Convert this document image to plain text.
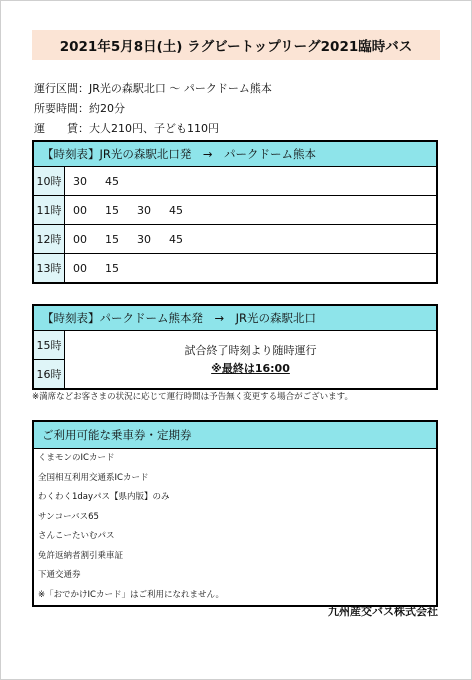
2021年5月8日(土) ラグビートップリーグ2021臨時バス
運行区間：JR光の森駅北口 〜 パークドーム熊本
所要時間：約20分
運　　賃：大人210円、子ども110円
【時刻表】JR光の森駅北口発　→　パークドーム熊本
10時	30 45
11時	00 15 30 45
12時	00 15 30 45
13時	00 15
【時刻表】パークドーム熊本発　→　JR光の森駅北口
15時
16時
試合終了時刻より随時運行
※最終は16:00
※満席などお客さまの状況に応じて運行時間は予告無く変更する場合がございます。
ご利用可能な乗車券・定期券
くまモンのICカード
全国相互利用交通系ICカード
わくわく1dayパス【県内版】のみ
サンコーバス65
さんこーたいむパス
免許返納者割引乗車証
下通交通券
※「おでかけICカード」はご利用になれません。
九州産交バス株式会社
